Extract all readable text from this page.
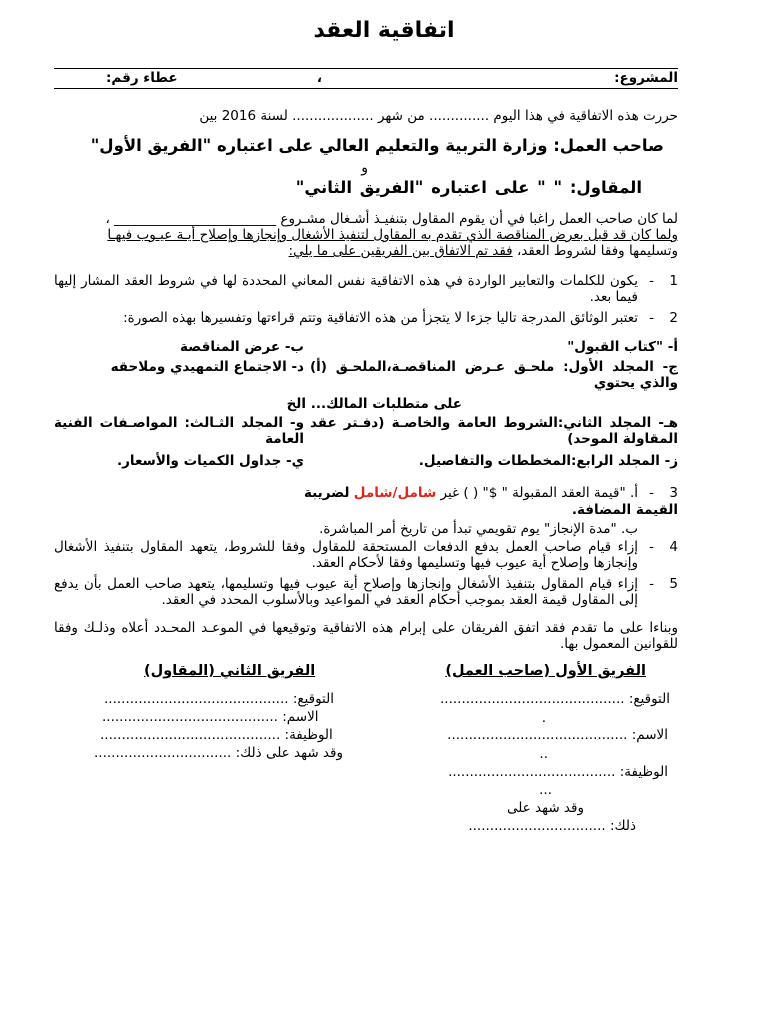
اتفاقية العقد
المشروع:
،
عطاء رقم:
حررت هذه الاتفاقية في هذا اليوم .............. من شهر ................... لسنة 2016 بين
صاحب العمل: وزارة التربية والتعليم العالي على اعتباره "الفريق الأول"
و
المقاول: " " على اعتباره "الفريق الثاني"
لما كان صاحب العمل راغبا في أن يقوم المقاول بتنفيـذ أشـغال مشـروع ________________________ ،
ولما كان قد قبل بعرض المناقصة الذي تقدم به المقاول لتنفيذ الأشغال وإنجازها وإصلاح أيـة عيـوب فيهـا
وتسليمها وفقا لشروط العقد، فقد تم الاتفاق بين الفريقين على ما يلي:
1
-
يكون للكلمات والتعابير الواردة في هذه الاتفاقية نفس المعاني المحددة لها في شروط العقد المشار إليها فيما بعد.
2
-
تعتبر الوثائق المدرجة تاليا جزءا لا يتجزأ من هذه الاتفاقية وتتم قراءتها وتفسيرها بهذه الصورة:
أ- "كتاب القبول"
ب- عرض المناقصة
ج- المجلد الأول: ملحـق عـرض المناقصـة،الملحـق (أ) والذي يحتوي
د- الاجتماع التمهيدي وملاحقه
على متطلبات المالك... الخ
هـ- المجلد الثاني:الشروط العامة والخاصـة (دفـتر عقد المقاولة الموحد)
و- المجلد الثـالث: المواصـفات الفنية العامة
ز- المجلد الرابع:المخططات والتفاصيل.
ي- جداول الكميات والأسعار.
3
-
أ. "قيمة العقد المقبولة " $" ( ) غير شامل/شامل لضريبة
القيمة المضافة.
ب. "مدة الإنجاز" يوم تقويمي تبدأ من تاريخ أمر المباشرة.
4
-
إزاء قيام صاحب العمل بدفع الدفعات المستحقة للمقاول وفقا للشروط، يتعهد المقاول بتنفيذ الأشغال وإنجازها وإصلاح أية عيوب فيها وتسليمها وفقا لأحكام العقد.
5
-
إزاء قيام المقاول بتنفيذ الأشغال وإنجازها وإصلاح أية عيوب فيها وتسليمها، يتعهد صاحب العمل بأن يدفع إلى المقاول قيمة العقد بموجب أحكام العقد في المواعيد وبالأسلوب المحدد في العقد.
وبناءا على ما تقدم فقد اتفق الفريقان على إبرام هذه الاتفاقية وتوقيعها في الموعـد المحـدد أعلاه وذلـك وفقا للقوانين المعمول بها.
الفريق الأول (صاحب العمل)
الفريق الثاني (المقاول)
التوقيع: ...........................................
.
الاسم: ..........................................
..
الوظيفة: .......................................
...
وقد شهد على
ذلك: ................................
التوقيع: ...........................................
الاسم: .........................................
الوظيفة: ..........................................
وقد شهد على ذلك: ................................
